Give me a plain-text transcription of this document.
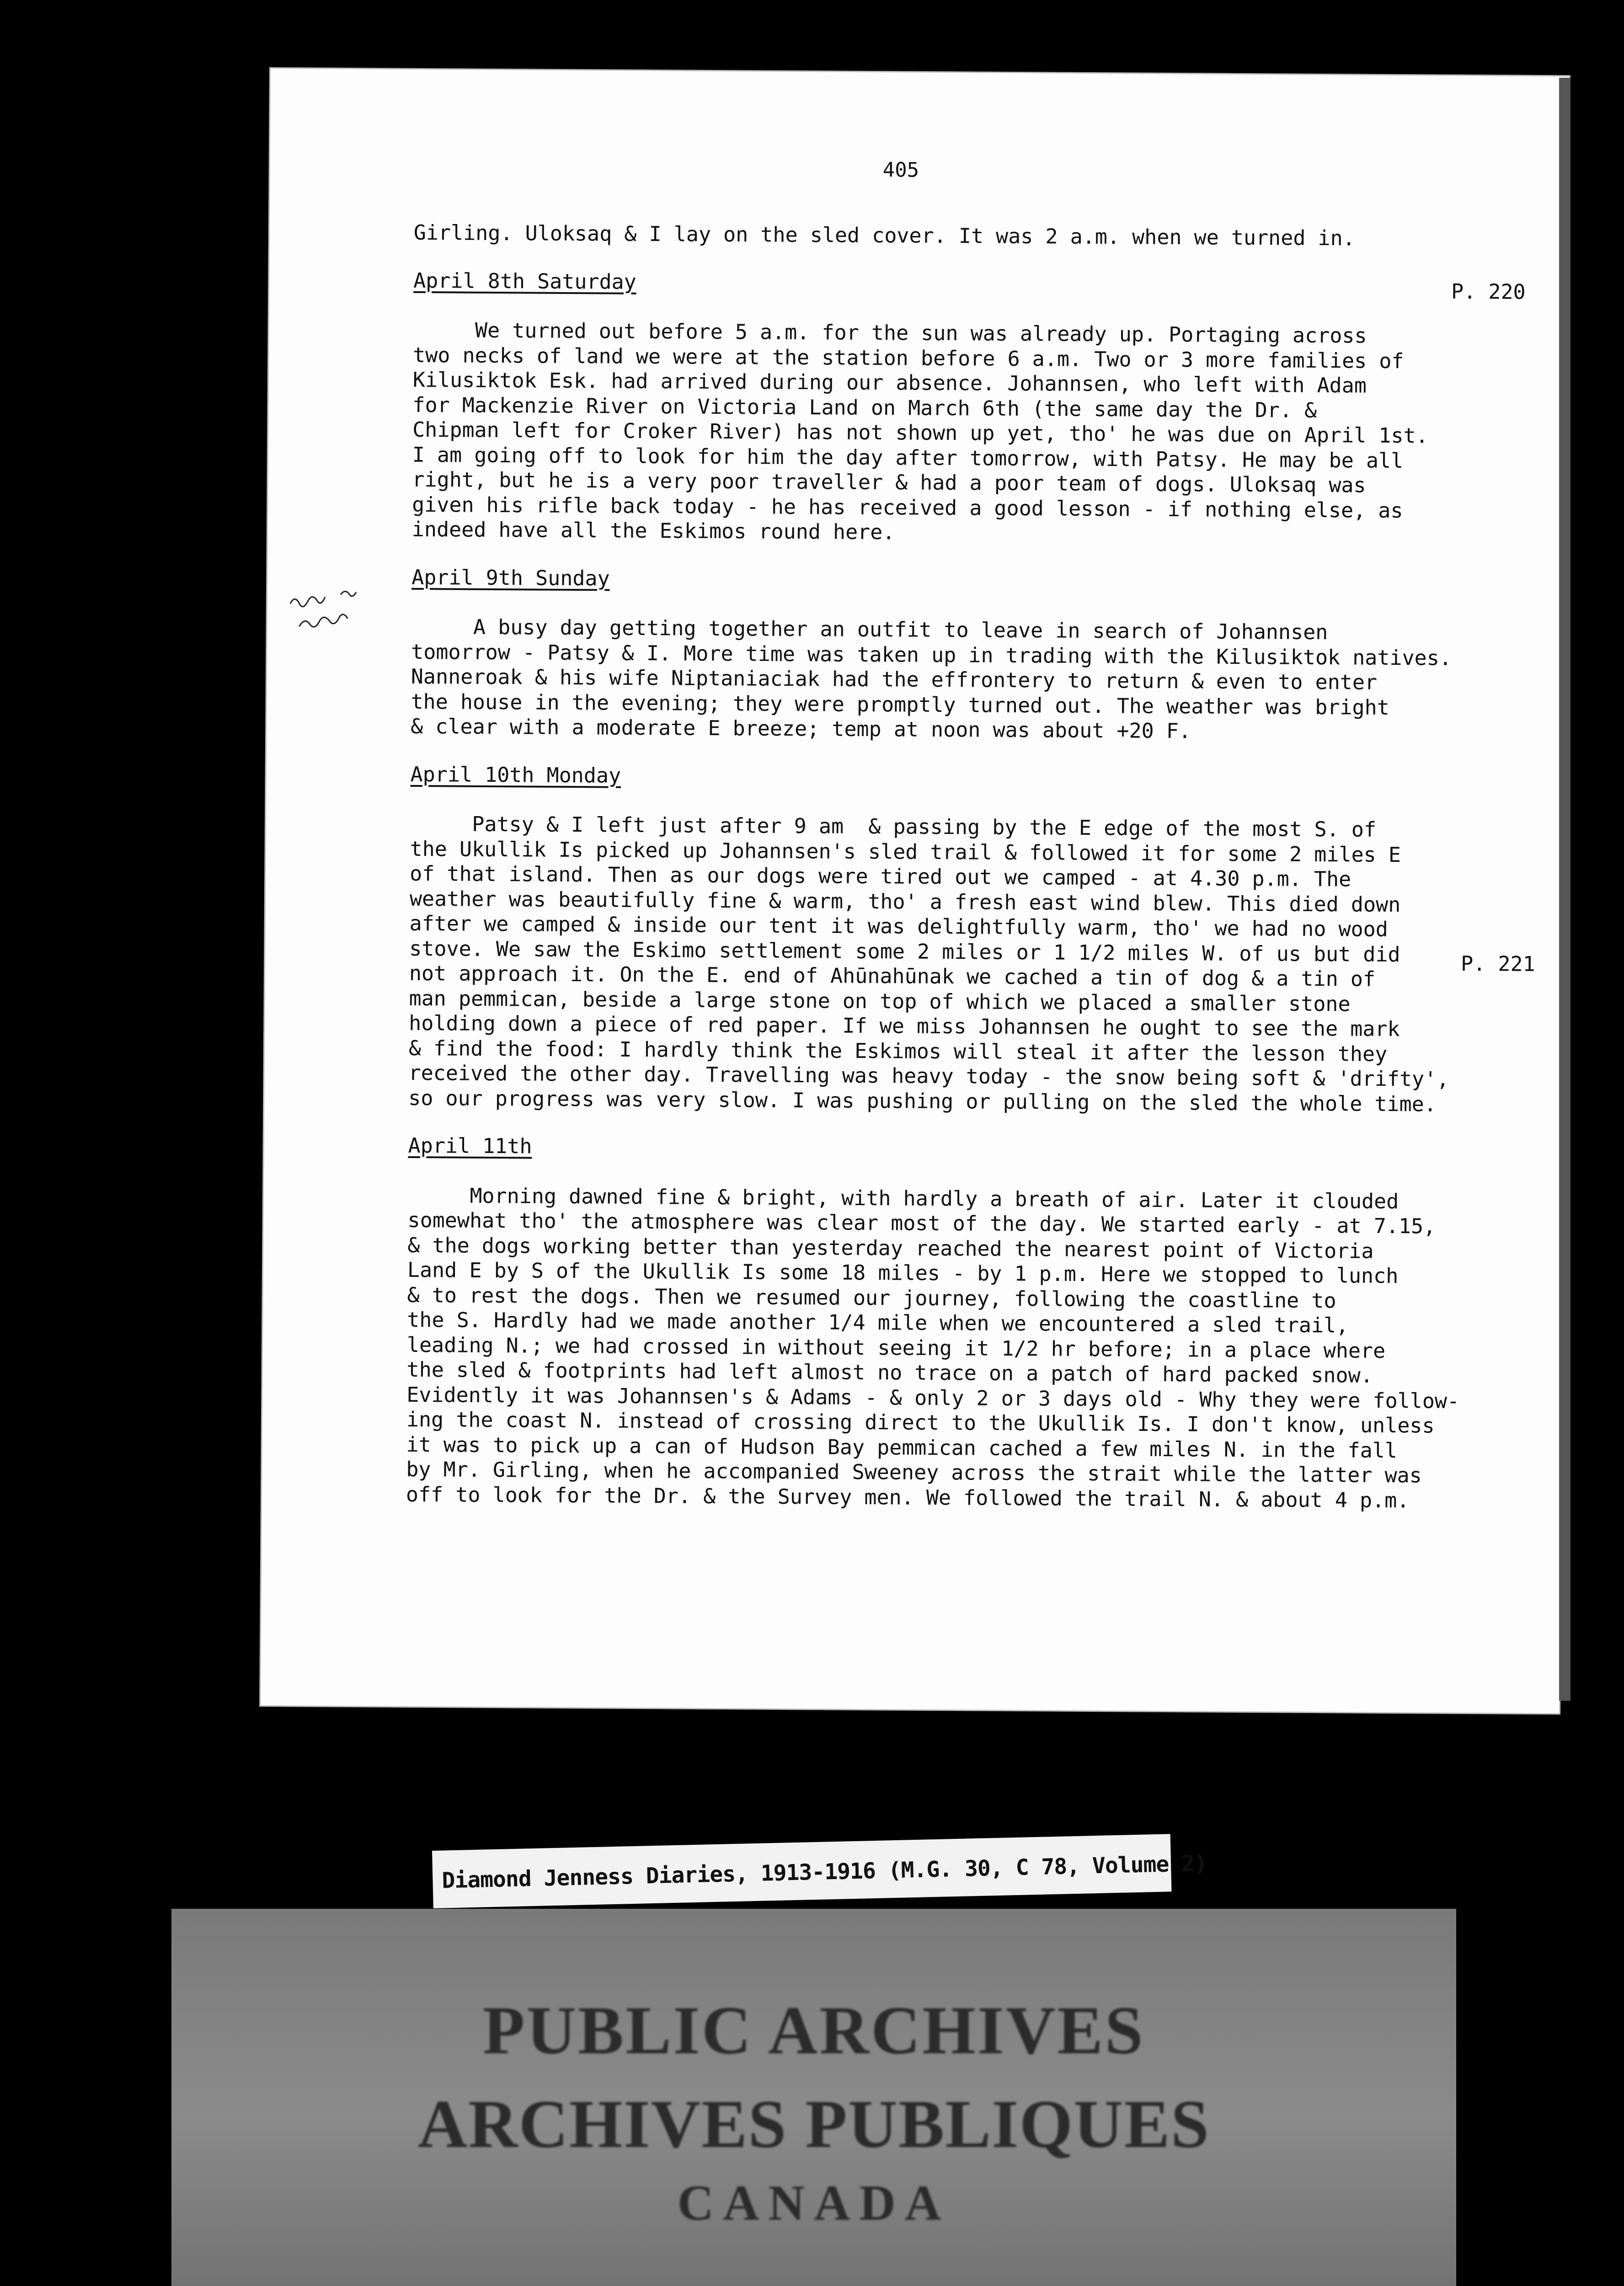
405
P. 220
P. 221

Girling. Uloksaq & I lay on the sled cover. It was 2 a.m. when we turned in.

April 8th Saturday

We turned out before 5 a.m. for the sun was already up. Portaging across

two necks of land we were at the station before 6 a.m. Two or 3 more families of

Kilusiktok Esk. had arrived during our absence. Johannsen, who left with Adam

for Mackenzie River on Victoria Land on March 6th (the same day the Dr. &

Chipman left for Croker River) has not shown up yet, tho' he was due on April 1st.

I am going off to look for him the day after tomorrow, with Patsy. He may be all

right, but he is a very poor traveller & had a poor team of dogs. Uloksaq was

given his rifle back today - he has received a good lesson - if nothing else, as

indeed have all the Eskimos round here.

April 9th Sunday

A busy day getting together an outfit to leave in search of Johannsen

tomorrow - Patsy & I. More time was taken up in trading with the Kilusiktok natives.

Nanneroak & his wife Niptaniaciak had the effrontery to return & even to enter

the house in the evening; they were promptly turned out. The weather was bright

& clear with a moderate E breeze; temp at noon was about +20 F.

April 10th Monday

Patsy & I left just after 9 am  & passing by the E edge of the most S. of

the Ukullik Is picked up Johannsen's sled trail & followed it for some 2 miles E

of that island. Then as our dogs were tired out we camped - at 4.30 p.m. The

weather was beautifully fine & warm, tho' a fresh east wind blew. This died down

after we camped & inside our tent it was delightfully warm, tho' we had no wood

stove. We saw the Eskimo settlement some 2 miles or 1 1/2 miles W. of us but did

not approach it. On the E. end of Ahūnahūnak we cached a tin of dog & a tin of

man pemmican, beside a large stone on top of which we placed a smaller stone

holding down a piece of red paper. If we miss Johannsen he ought to see the mark

& find the food: I hardly think the Eskimos will steal it after the lesson they

received the other day. Travelling was heavy today - the snow being soft & 'drifty',

so our progress was very slow. I was pushing or pulling on the sled the whole time.

April 11th

Morning dawned fine & bright, with hardly a breath of air. Later it clouded

somewhat tho' the atmosphere was clear most of the day. We started early - at 7.15,

& the dogs working better than yesterday reached the nearest point of Victoria

Land E by S of the Ukullik Is some 18 miles - by 1 p.m. Here we stopped to lunch

& to rest the dogs. Then we resumed our journey, following the coastline to

the S. Hardly had we made another 1/4 mile when we encountered a sled trail,

leading N.; we had crossed in without seeing it 1/2 hr before; in a place where

the sled & footprints had left almost no trace on a patch of hard packed snow.

Evidently it was Johannsen's & Adams - & only 2 or 3 days old - Why they were follow-

ing the coast N. instead of crossing direct to the Ukullik Is. I don't know, unless

it was to pick up a can of Hudson Bay pemmican cached a few miles N. in the fall

by Mr. Girling, when he accompanied Sweeney across the strait while the latter was

off to look for the Dr. & the Survey men. We followed the trail N. & about 4 p.m.

Diamond Jenness Diaries, 1913-1916 (M.G. 30, C 78, Volume 2)
PUBLIC ARCHIVES
ARCHIVES PUBLIQUES
CANADA
